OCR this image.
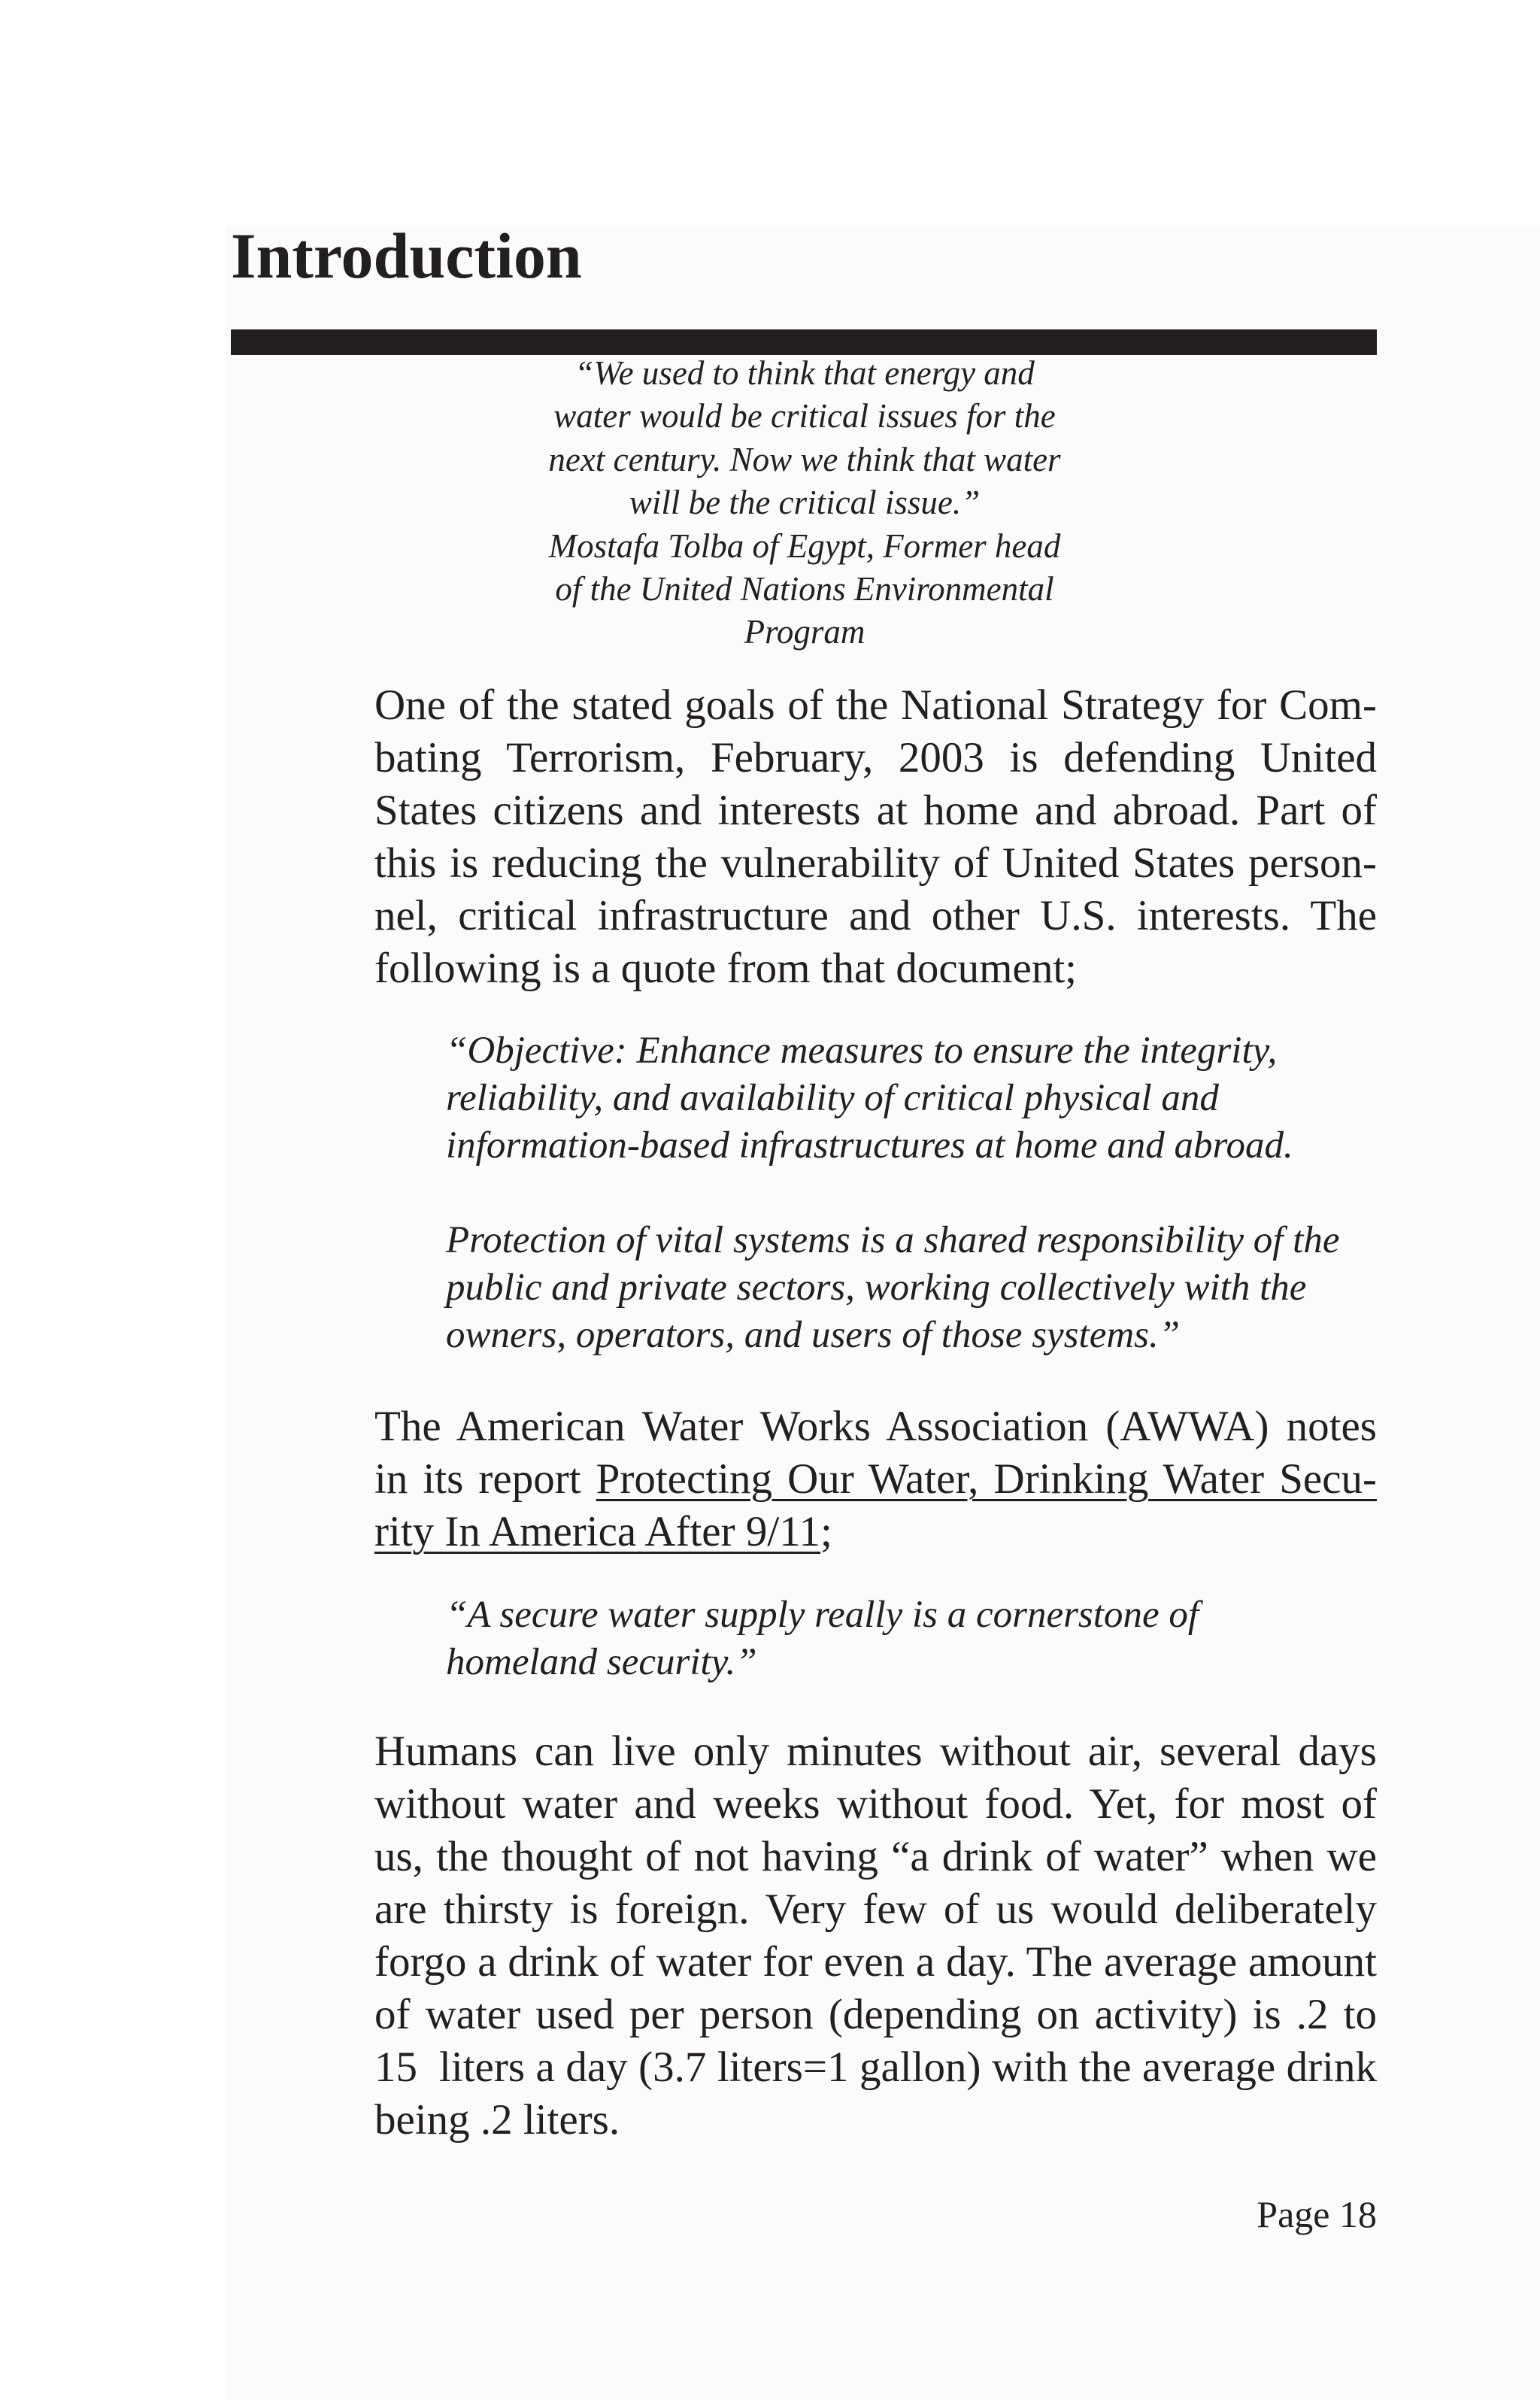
Introduction
“We used to think that energy and
water would be critical issues for the
next century. Now we think that water
will be the critical issue.”
Mostafa Tolba of Egypt, Former head
of the United Nations Environmental
Program
One of the stated goals of the National Strategy for Com-
bating Terrorism, February, 2003 is defending United
States citizens and interests at home and abroad. Part of
this is reducing the vulnerability of United States person-
nel, critical infrastructure and other U.S. interests. The
following is a quote from that document;
“Objective: Enhance measures to ensure the integrity,
reliability, and availability of critical physical and
information-based infrastructures at home and abroad.
Protection of vital systems is a shared responsibility of the
public and private sectors, working collectively with the
owners, operators, and users of those systems.”
The American Water Works Association (AWWA) notes
in its report Protecting Our Water, Drinking Water Secu-
rity In America After 9/11;
“A secure water supply really is a cornerstone of
homeland security.”
Humans can live only minutes without air, several days
without water and weeks without food. Yet, for most of
us, the thought of not having “a drink of water” when we
are thirsty is foreign. Very few of us would deliberately
forgo a drink of water for even a day. The average amount
of water used per person (depending on activity) is .2 to
15  liters a day (3.7 liters=1 gallon) with the average drink
being .2 liters.

Page 18
